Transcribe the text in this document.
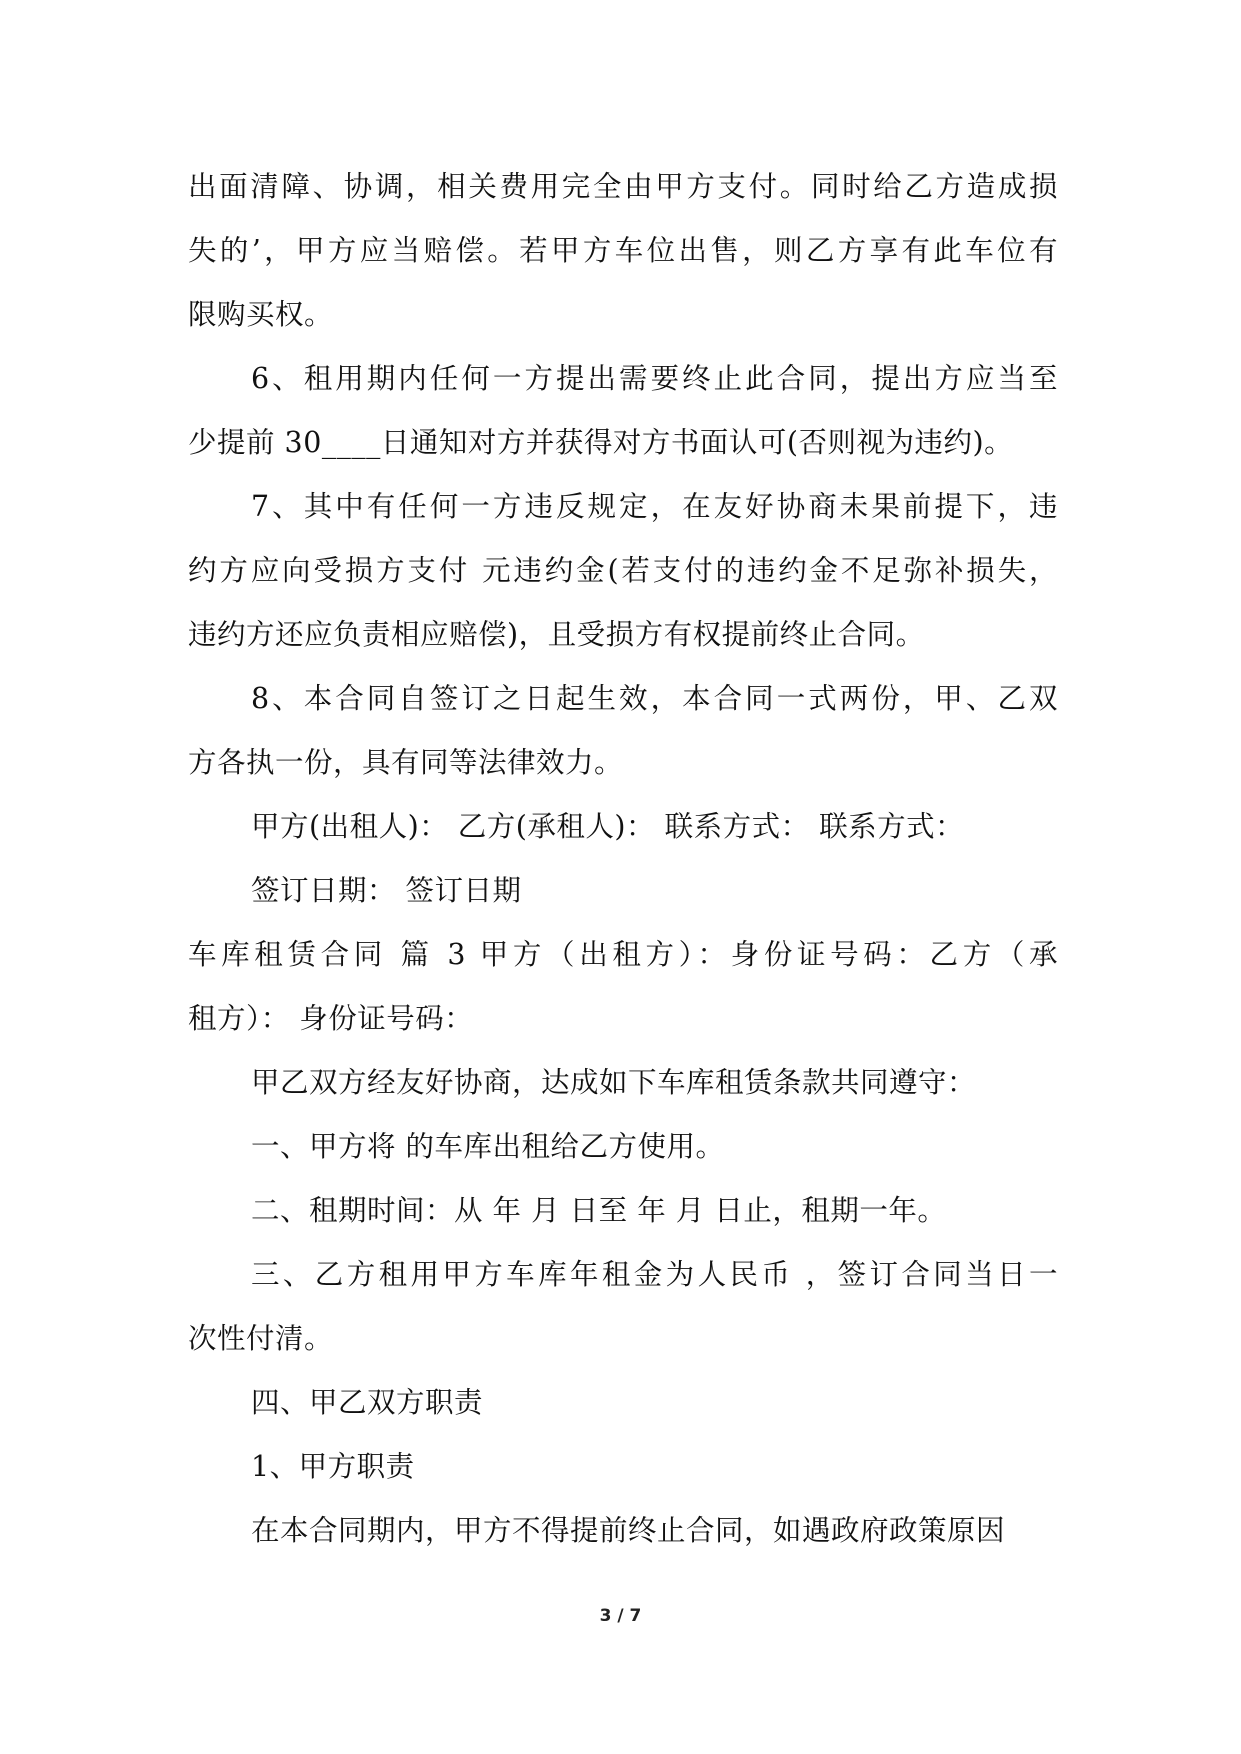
出面清障、协调，相关费用完全由甲方支付。同时给乙方造成损
失的’，甲方应当赔偿。若甲方车位出售，则乙方享有此车位有
限购买权。
6、租用期内任何一方提出需要终止此合同，提出方应当至
少提前 30____日通知对方并获得对方书面认可(否则视为违约)。
7、其中有任何一方违反规定，在友好协商未果前提下，违
约方应向受损方支付 元违约金(若支付的违约金不足弥补损失，
违约方还应负责相应赔偿)，且受损方有权提前终止合同。
8、本合同自签订之日起生效，本合同一式两份，甲、乙双
方各执一份，具有同等法律效力。
甲方(出租人)： 乙方(承租人)： 联系方式： 联系方式：
签订日期： 签订日期
车库租赁合同 篇 3 甲方（出租方）：身份证号码：乙方（承
租方）： 身份证号码：
甲乙双方经友好协商，达成如下车库租赁条款共同遵守：
一、甲方将 的车库出租给乙方使用。
二、租期时间：从 年 月 日至 年 月 日止，租期一年。
三、乙方租用甲方车库年租金为人民币 ，签订合同当日一
次性付清。
四、甲乙双方职责
1、甲方职责
在本合同期内，甲方不得提前终止合同，如遇政府政策原因
3 / 7
